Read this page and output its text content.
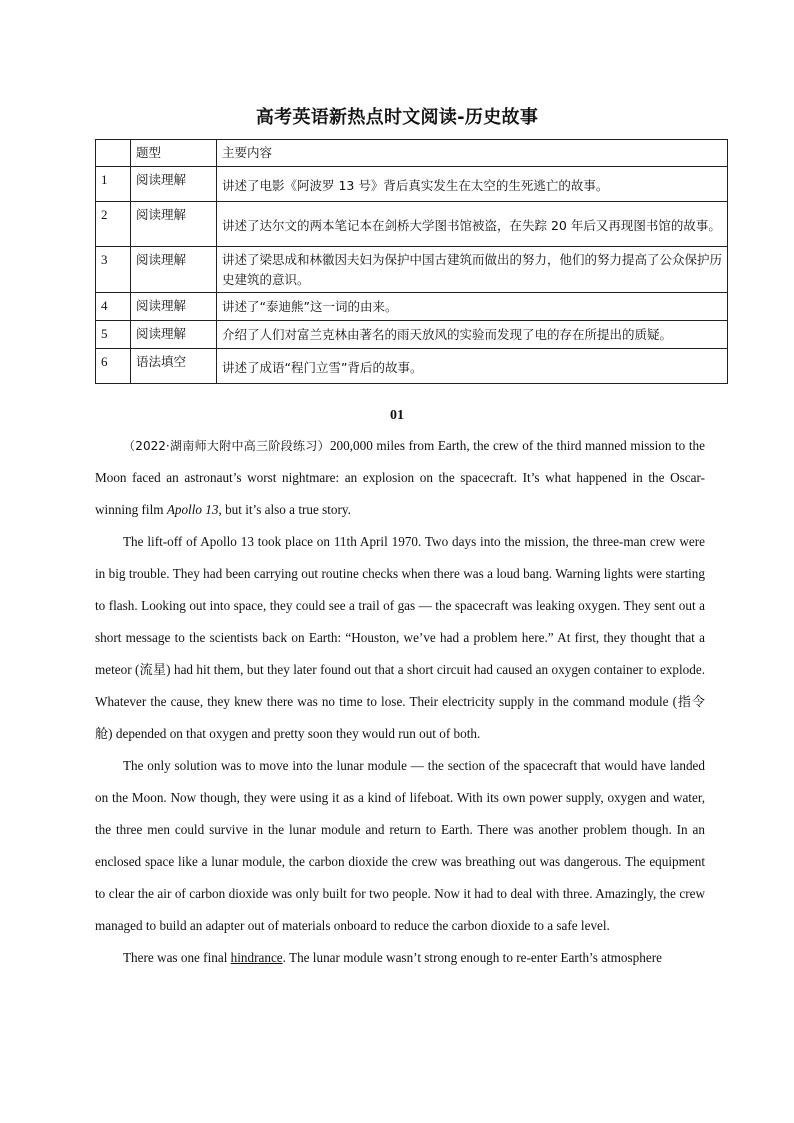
高考英语新热点时文阅读-历史故事
	题型	主要内容
1	阅读理解	讲述了电影《阿波罗 13 号》背后真实发生在太空的生死逃亡的故事。
2	阅读理解	讲述了达尔文的两本笔记本在剑桥大学图书馆被盗，在失踪 20 年后又再现图书馆的故事。
3	阅读理解	讲述了梁思成和林徽因夫妇为保护中国古建筑而做出的努力，他们的努力提高了公众保护历史建筑的意识。
4	阅读理解	讲述了“泰迪熊”这一词的由来。
5	阅读理解	介绍了人们对富兰克林由著名的雨天放风的实验而发现了电的存在所提出的质疑。
6	语法填空	讲述了成语“程门立雪”背后的故事。
01

（2022·湖南师大附中高三阶段练习）200,000 miles from Earth, the crew of the third manned mission to the Moon faced an astronaut’s worst nightmare: an explosion on the spacecraft. It’s what happened in the Oscar-winning film Apollo 13, but it’s also a true story.

The lift-off of Apollo 13 took place on 11th April 1970. Two days into the mission, the three-man crew were in big trouble. They had been carrying out routine checks when there was a loud bang. Warning lights were starting to flash. Looking out into space, they could see a trail of gas — the spacecraft was leaking oxygen. They sent out a short message to the scientists back on Earth: “Houston, we’ve had a problem here.” At first, they thought that a meteor (流星) had hit them, but they later found out that a short circuit had caused an oxygen container to explode. Whatever the cause, they knew there was no time to lose. Their electricity supply in the command module (指令舱) depended on that oxygen and pretty soon they would run out of both.

The only solution was to move into the lunar module — the section of the spacecraft that would have landed on the Moon. Now though, they were using it as a kind of lifeboat. With its own power supply, oxygen and water, the three men could survive in the lunar module and return to Earth. There was another problem though. In an enclosed space like a lunar module, the carbon dioxide the crew was breathing out was dangerous. The equipment to clear the air of carbon dioxide was only built for two people. Now it had to deal with three. Amazingly, the crew managed to build an adapter out of materials onboard to reduce the carbon dioxide to a safe level.

There was one final hindrance. The lunar module wasn’t strong enough to re-enter Earth’s atmosphere
